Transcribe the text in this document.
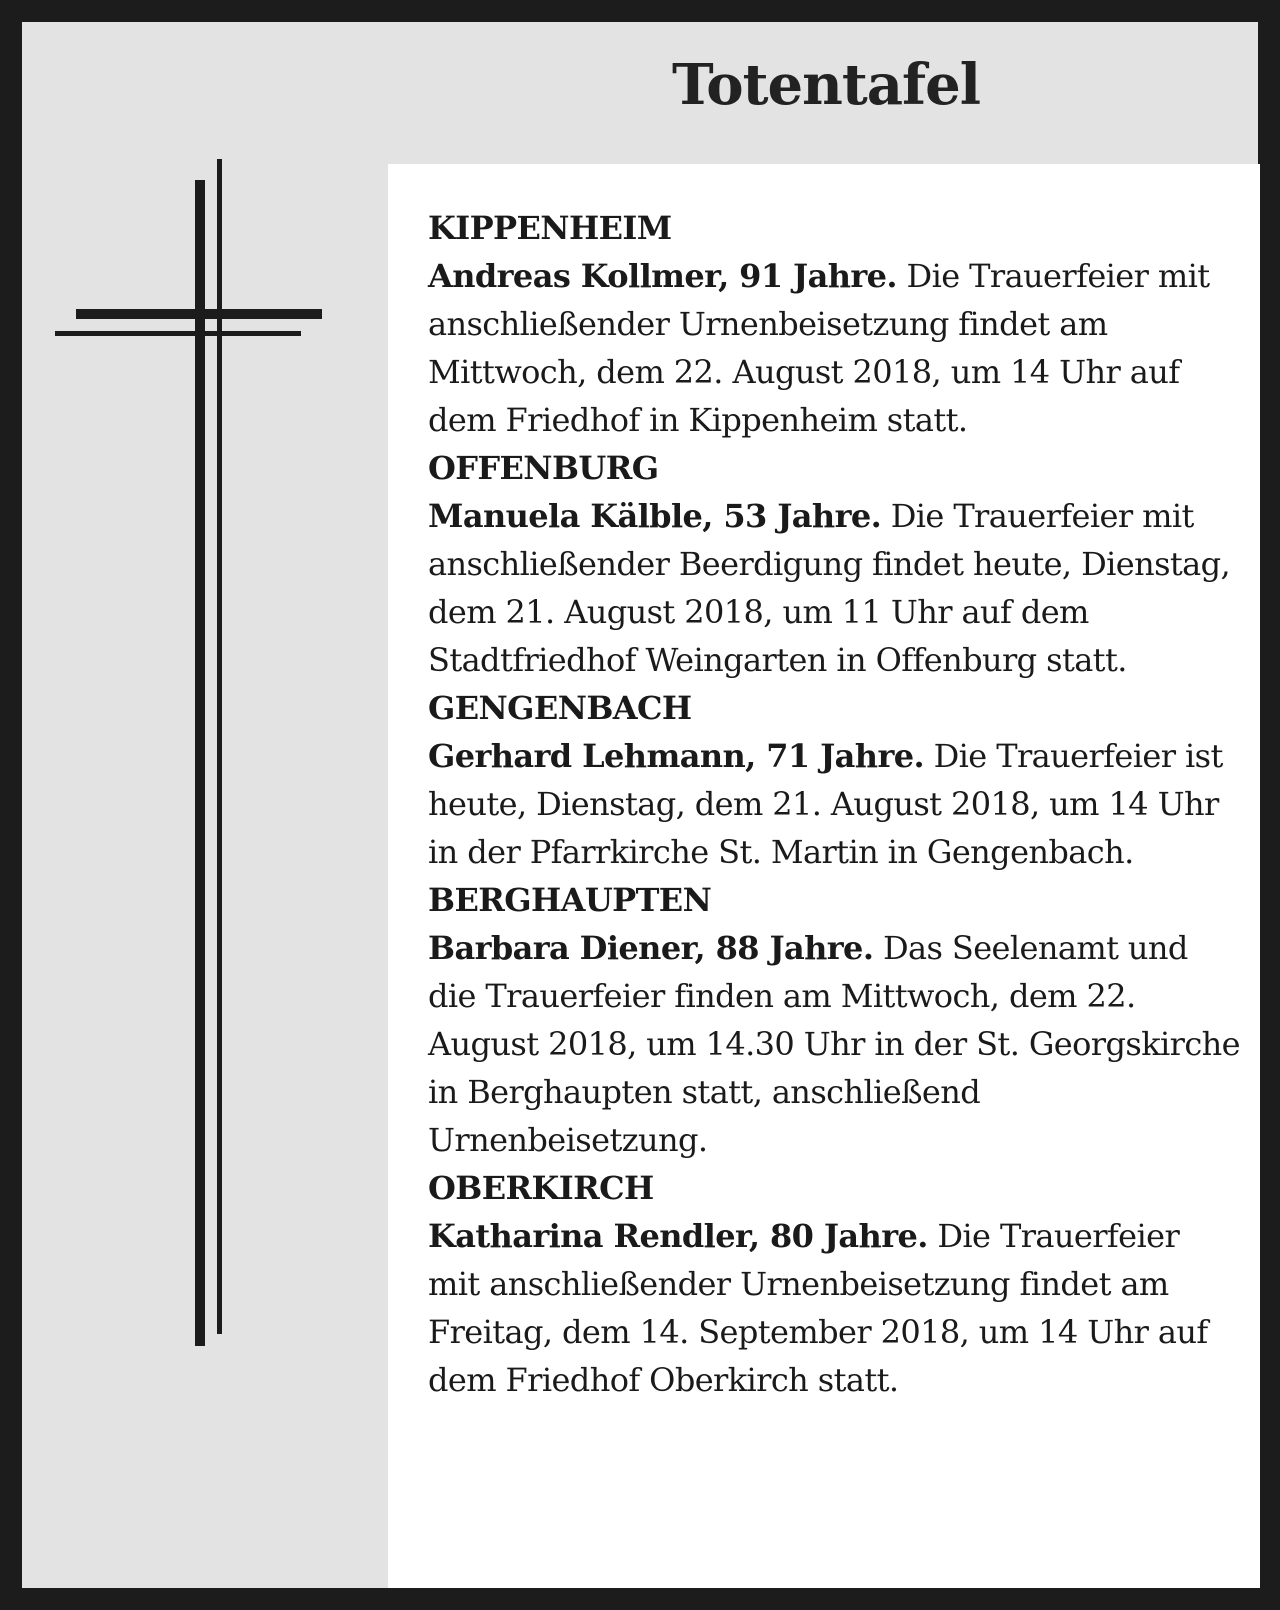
Totentafel
KIPPENHEIM
Andreas Kollmer, 91 Jahre. Die Trauerfeier mit anschließender Urnenbeisetzung findet am Mittwoch, dem 22. August 2018, um 14 Uhr auf dem Friedhof in Kippenheim statt.
OFFENBURG
Manuela Kälble, 53 Jahre. Die Trauerfeier mit anschließender Beerdigung findet heute, Dienstag, dem 21. August 2018, um 11 Uhr auf dem Stadtfriedhof Weingarten in Offenburg statt.
GENGENBACH
Gerhard Lehmann, 71 Jahre. Die Trauerfeier ist heute, Dienstag, dem 21. August 2018, um 14 Uhr in der Pfarrkirche St. Martin in Gengenbach.
BERGHAUPTEN
Barbara Diener, 88 Jahre. Das Seelenamt und die Trauerfeier finden am Mittwoch, dem 22. August 2018, um 14.30 Uhr in der St. Georgskirche in Berghaupten statt, anschließend Urnenbeisetzung.
OBERKIRCH
Katharina Rendler, 80 Jahre. Die Trauerfeier mit anschließender Urnenbeisetzung findet am Freitag, dem 14. September 2018, um 14 Uhr auf dem Friedhof Oberkirch statt.
